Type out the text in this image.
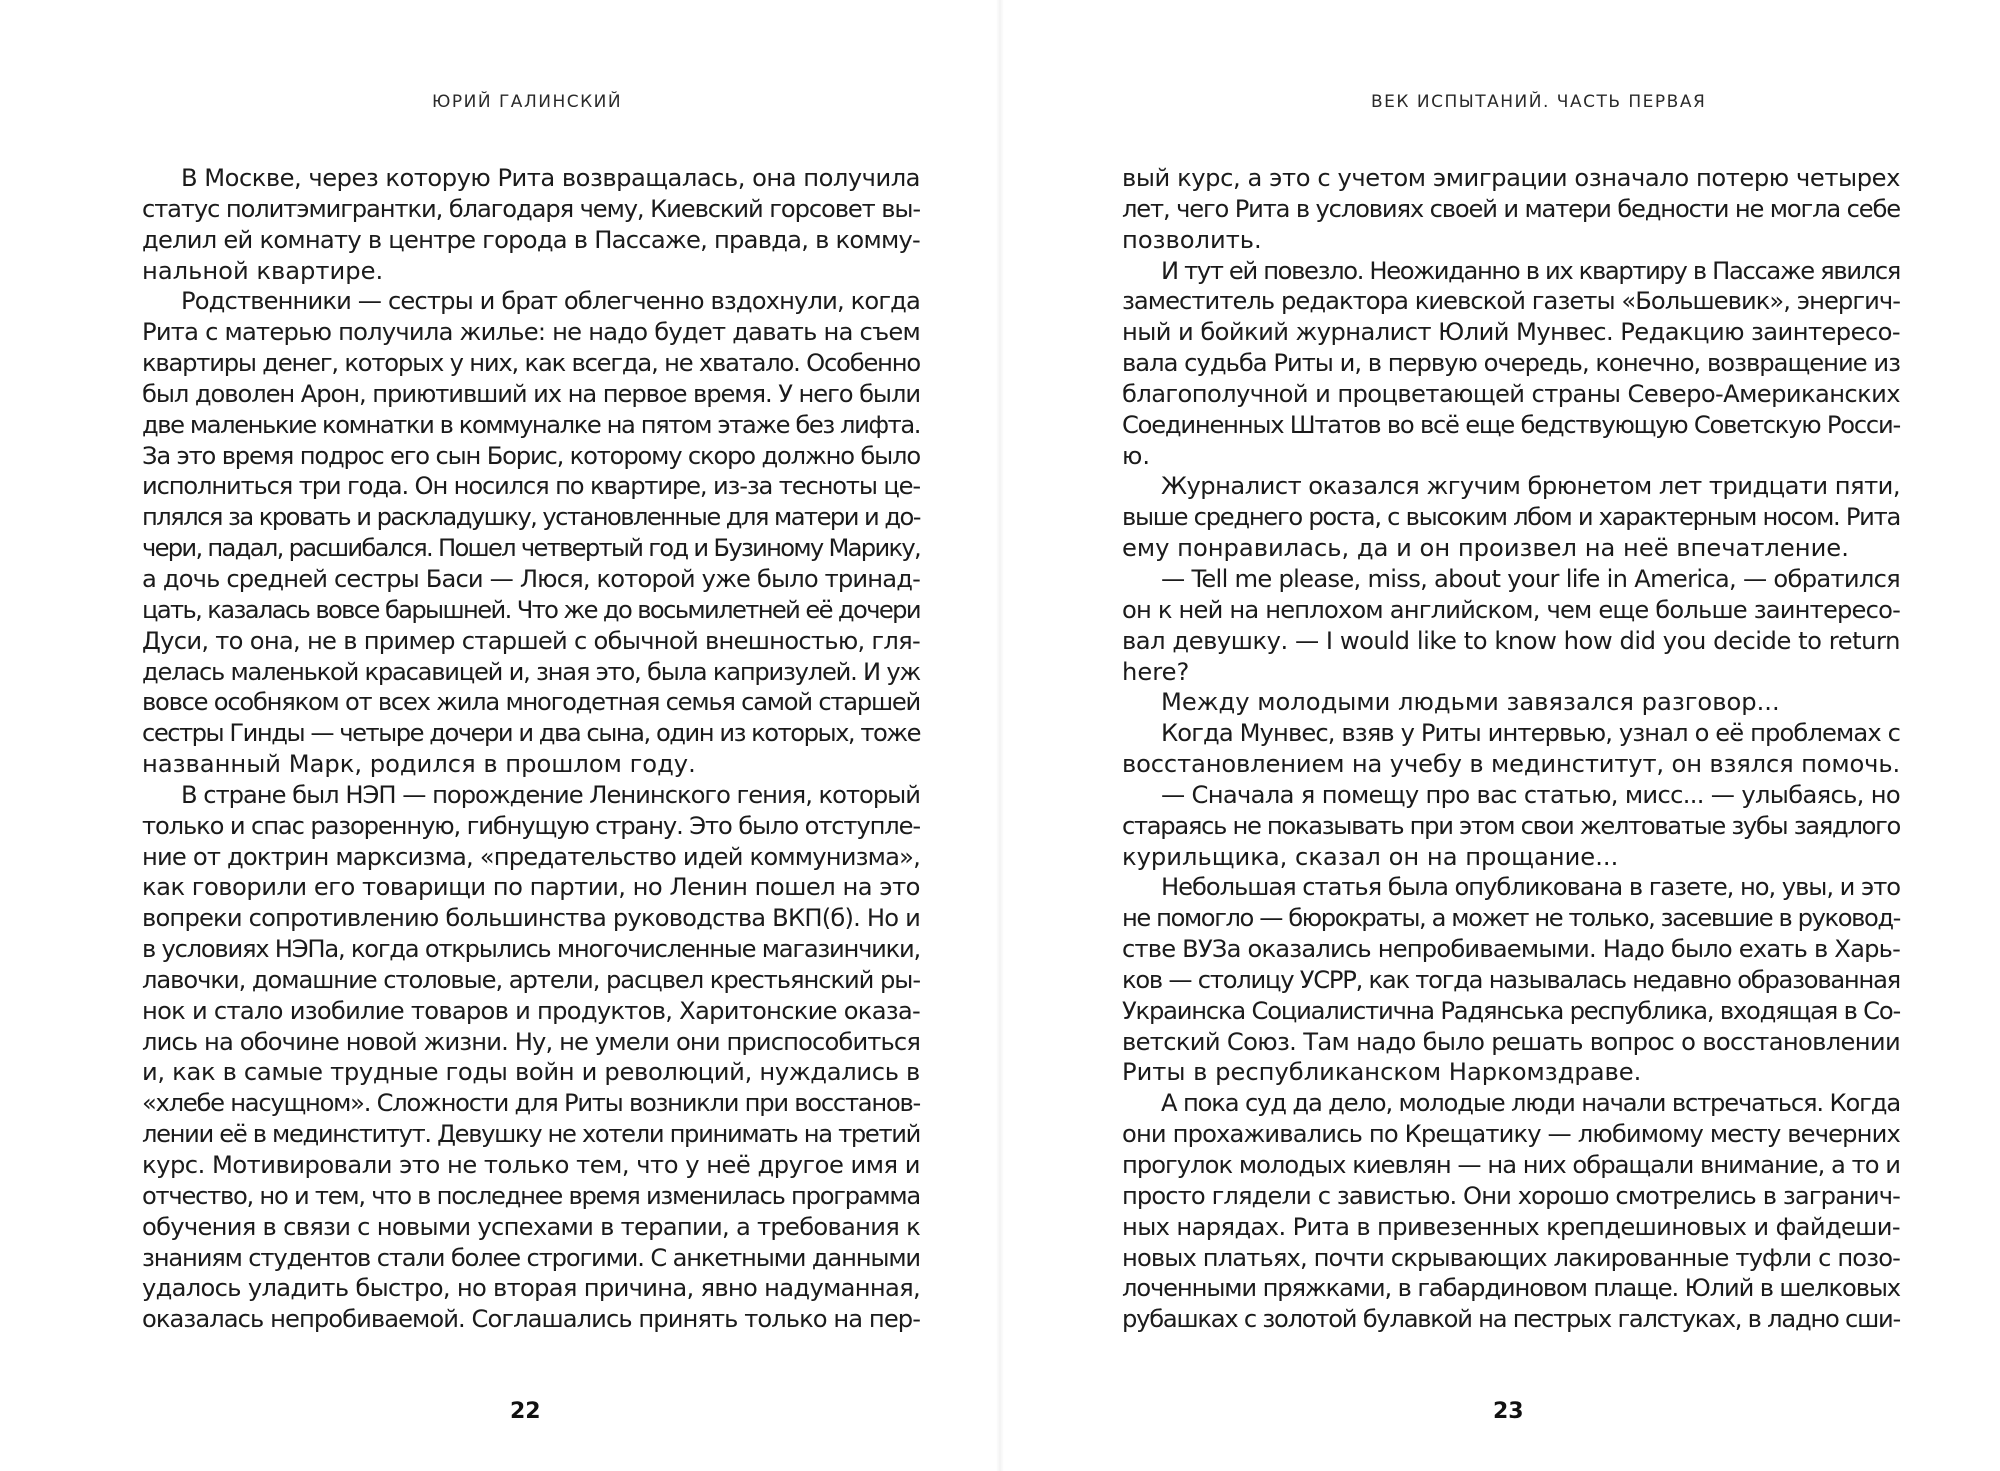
ЮРИЙ ГАЛИНСКИЙ
В Москве, через которую Рита возвращалась, она получила
статус политэмигрантки, благодаря чему, Киевский горсовет вы-
делил ей комнату в центре города в Пассаже, правда, в комму-
нальной квартире.
Родственники — сестры и брат облегченно вздохнули, когда
Рита с матерью получила жилье: не надо будет давать на съем
квартиры денег, которых у них, как всегда, не хватало. Особенно
был доволен Арон, приютивший их на первое время. У него были
две маленькие комнатки в коммуналке на пятом этаже без лифта.
За это время подрос его сын Борис, которому скоро должно было
исполниться три года. Он носился по квартире, из-за тесноты це-
плялся за кровать и раскладушку, установленные для матери и до-
чери, падал, расшибался. Пошел четвертый год и Бузиному Марику,
а дочь средней сестры Баси — Люся, которой уже было тринад-
цать, казалась вовсе барышней. Что же до восьмилетней её дочери
Дуси, то она, не в пример старшей с обычной внешностью, гля-
делась маленькой красавицей и, зная это, была капризулей. И уж
вовсе особняком от всех жила многодетная семья самой старшей
сестры Гинды — четыре дочери и два сына, один из которых, тоже
названный Марк, родился в прошлом году.
В стране был НЭП — порождение Ленинского гения, который
только и спас разоренную, гибнущую страну. Это было отступле-
ние от доктрин марксизма, «предательство идей коммунизма»,
как говорили его товарищи по партии, но Ленин пошел на это
вопреки сопротивлению большинства руководства ВКП(б). Но и
в условиях НЭПа, когда открылись многочисленные магазинчики,
лавочки, домашние столовые, артели, расцвел крестьянский ры-
нок и стало изобилие товаров и продуктов, Харитонские оказа-
лись на обочине новой жизни. Ну, не умели они приспособиться
и, как в самые трудные годы войн и революций, нуждались в
«хлебе насущном». Сложности для Риты возникли при восстанов-
лении её в мединститут. Девушку не хотели принимать на третий
курс. Мотивировали это не только тем, что у неё другое имя и
отчество, но и тем, что в последнее время изменилась программа
обучения в связи с новыми успехами в терапии, а требования к
знаниям студентов стали более строгими. С анкетными данными
удалось уладить быстро, но вторая причина, явно надуманная,
оказалась непробиваемой. Соглашались принять только на пер-
22
ВЕК ИСПЫТАНИЙ. ЧАСТЬ ПЕРВАЯ
вый курс, а это с учетом эмиграции означало потерю четырех
лет, чего Рита в условиях своей и матери бедности не могла себе
позволить.
И тут ей повезло. Неожиданно в их квартиру в Пассаже явился
заместитель редактора киевской газеты «Большевик», энергич-
ный и бойкий журналист Юлий Мунвес. Редакцию заинтересо-
вала судьба Риты и, в первую очередь, конечно, возвращение из
благополучной и процветающей страны Северо-Американских
Соединенных Штатов во всё еще бедствующую Советскую Росси-
ю.
Журналист оказался жгучим брюнетом лет тридцати пяти,
выше среднего роста, с высоким лбом и характерным носом. Рита
ему понравилась, да и он произвел на неё впечатление.
— Tell me please, miss, about your life in America, — обратился
он к ней на неплохом английском, чем еще больше заинтересо-
вал девушку. — I would like to know how did you decide to return
here?
Между молодыми людьми завязался разговор...
Когда Мунвес, взяв у Риты интервью, узнал о её проблемах с
восстановлением на учебу в мединститут, он взялся помочь.
— Сначала я помещу про вас статью, мисс... — улыбаясь, но
стараясь не показывать при этом свои желтоватые зубы заядлого
курильщика, сказал он на прощание...
Небольшая статья была опубликована в газете, но, увы, и это
не помогло — бюрократы, а может не только, засевшие в руковод-
стве ВУЗа оказались непробиваемыми. Надо было ехать в Харь-
ков — столицу УСРР, как тогда называлась недавно образованная
Украинска Социалистична Радянська республика, входящая в Со-
ветский Союз. Там надо было решать вопрос о восстановлении
Риты в республиканском Наркомздраве.
А пока суд да дело, молодые люди начали встречаться. Когда
они прохаживались по Крещатику — любимому месту вечерних
прогулок молодых киевлян — на них обращали внимание, а то и
просто глядели с завистью. Они хорошо смотрелись в загранич-
ных нарядах. Рита в привезенных крепдешиновых и файдеши-
новых платьях, почти скрывающих лакированные туфли с позо-
лоченными пряжками, в габардиновом плаще. Юлий в шелковых
рубашках с золотой булавкой на пестрых галстуках, в ладно сши-
23
